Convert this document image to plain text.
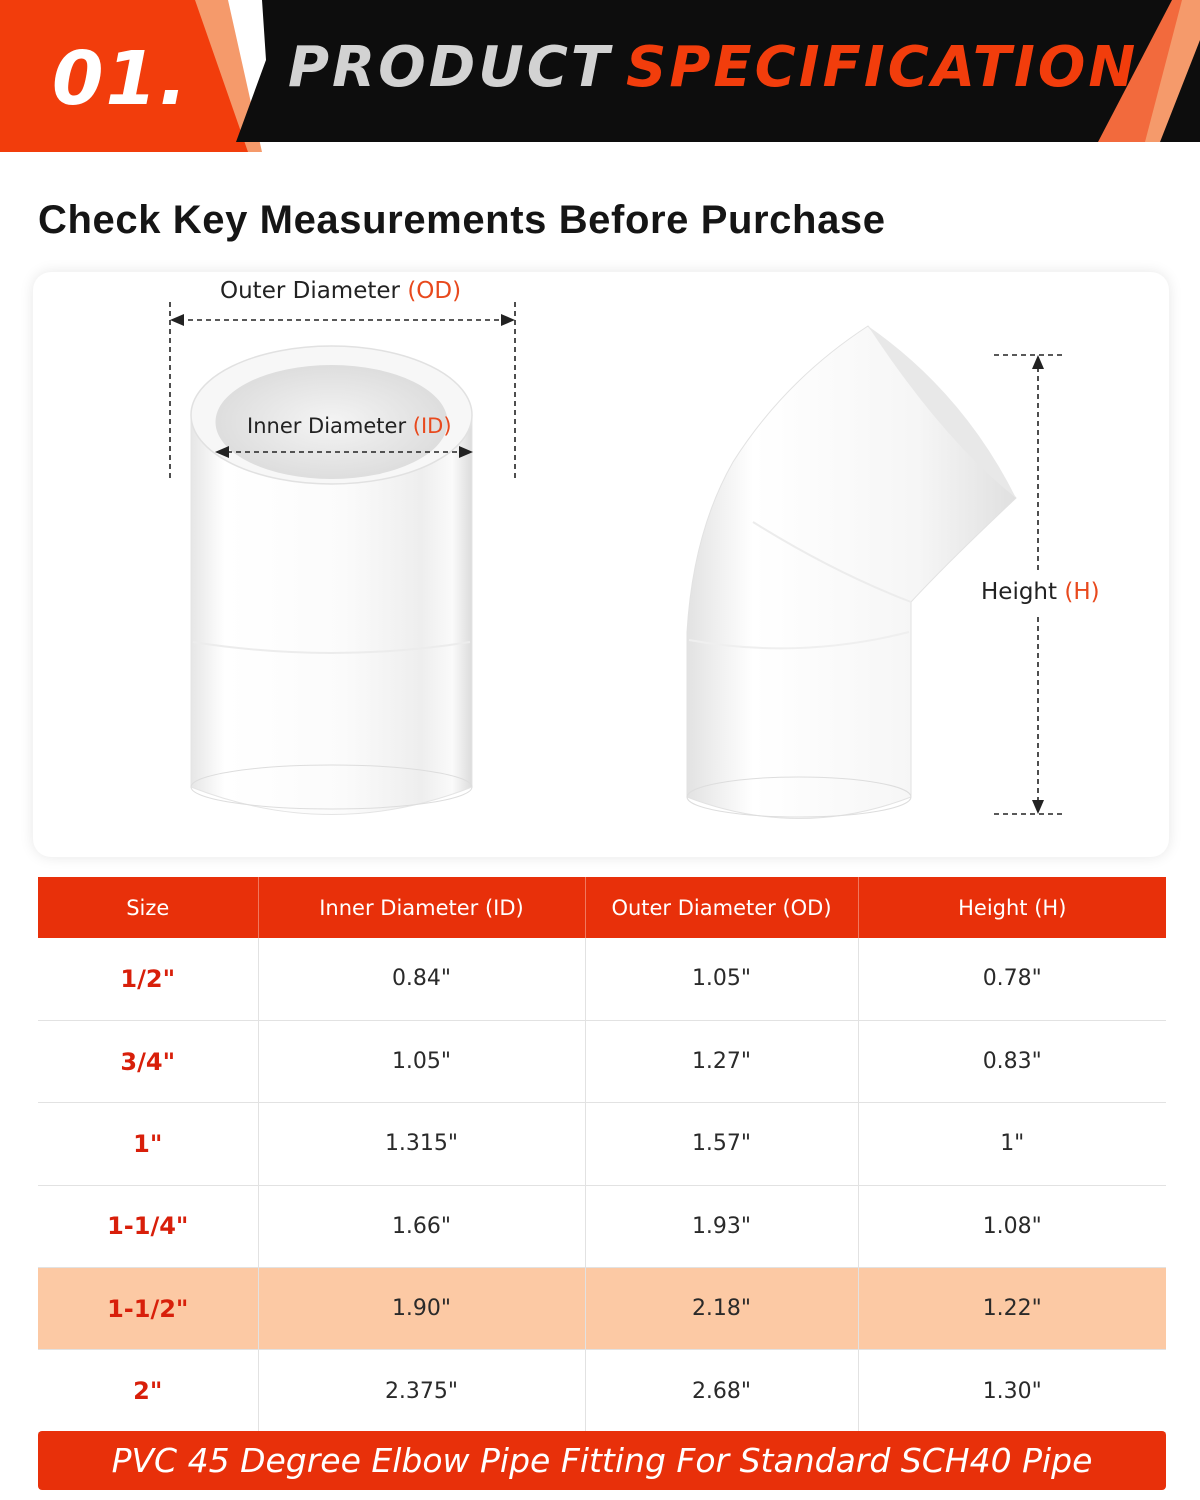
01.	PRODUCT SPECIFICATION
Check Key Measurements Before Purchase
Outer Diameter (OD)
Inner Diameter (ID)
Height (H)
Size	Inner Diameter (ID)	Outer Diameter (OD)	Height (H)
1/2"	0.84"	1.05"	0.78"
3/4"	1.05"	1.27"	0.83"
1"	1.315"	1.57"	1"
1-1/4"	1.66"	1.93"	1.08"
1-1/2"	1.90"	2.18"	1.22"
2"	2.375"	2.68"	1.30"
PVC 45 Degree Elbow Pipe Fitting For Standard SCH40 Pipe
